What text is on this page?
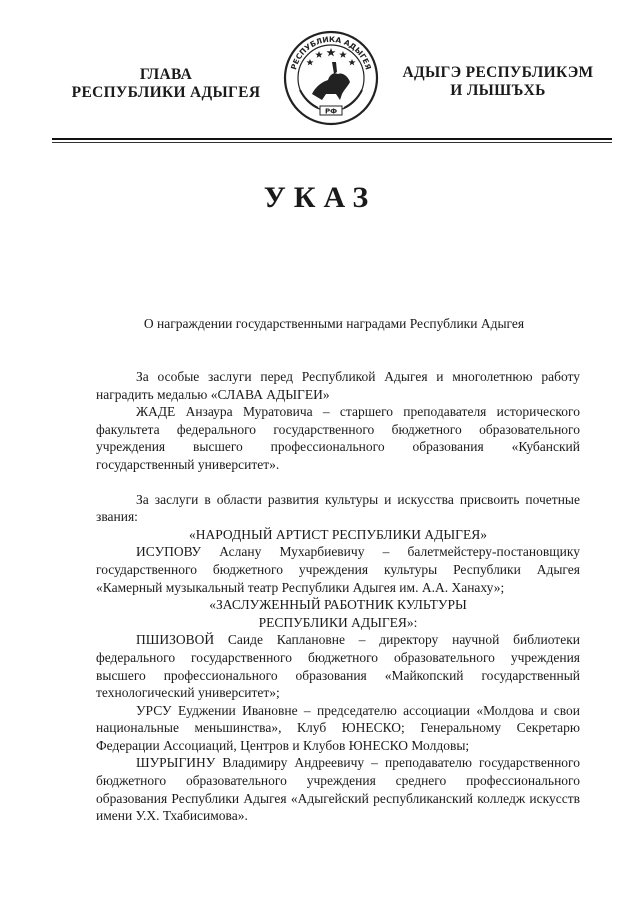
ГЛАВА
РЕСПУБЛИКИ АДЫГЕЯ
РЕСПУБЛИКА АДЫГЕЯ
РФ
АДЫГЭ РЕСПУБЛИКЭМ
И ЛЫШЪХЬ
УКАЗ
О награждении государственными наградами Республики Адыгея

За особые заслуги перед Республикой Адыгея и многолетнюю работу наградить медалью «СЛАВА АДЫГЕИ»

ЖАДЕ Анзаура Муратовича – старшего преподавателя исторического факультета федерального государственного бюджетного образовательного учреждения высшего профессионального образования «Кубанский государственный университет».

За заслуги в области развития культуры и искусства присвоить почетные звания:

«НАРОДНЫЙ АРТИСТ РЕСПУБЛИКИ АДЫГЕЯ»

ИСУПОВУ Аслану Мухарбиевичу – балетмейстеру-постановщику государственного бюджетного учреждения культуры Республики Адыгея «Камерный музыкальный театр Республики Адыгея им. А.А. Ханаху»;

«ЗАСЛУЖЕННЫЙ РАБОТНИК КУЛЬТУРЫ

РЕСПУБЛИКИ АДЫГЕЯ»:

ПШИЗОВОЙ Саиде Каплановне – директору научной библиотеки федерального государственного бюджетного образовательного учреждения высшего профессионального образования «Майкопский государственный технологический университет»;

УРСУ Еуджении Ивановне – председателю ассоциации «Молдова и свои национальные меньшинства», Клуб ЮНЕСКО; Генеральному Секретарю Федерации Ассоциаций, Центров и Клубов ЮНЕСКО Молдовы;

ШУРЫГИНУ Владимиру Андреевичу – преподавателю государственного бюджетного образовательного учреждения среднего профессионального образования Республики Адыгея «Адыгейский республиканский колледж искусств имени У.Х. Тхабисимова».
